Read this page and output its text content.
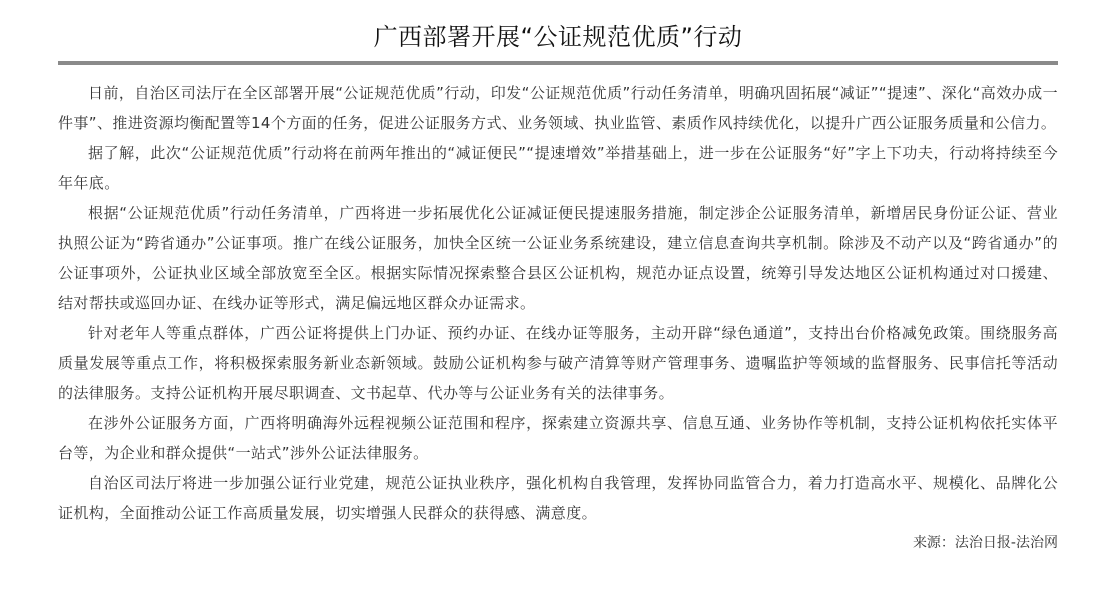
广西部署开展“公证规范优质”行动

日前，自治区司法厅在全区部署开展“公证规范优质”行动，印发“公证规范优质”行动任务清单，明确巩固拓展“减证”“提速”、深化“高效办成一件事”、推进资源均衡配置等14个方面的任务，促进公证服务方式、业务领域、执业监管、素质作风持续优化，以提升广西公证服务质量和公信力。

据了解，此次“公证规范优质”行动将在前两年推出的“减证便民”“提速增效”举措基础上，进一步在公证服务“好”字上下功夫，行动将持续至今年年底。

根据“公证规范优质”行动任务清单，广西将进一步拓展优化公证减证便民提速服务措施，制定涉企公证服务清单，新增居民身份证公证、营业执照公证为“跨省通办”公证事项。推广在线公证服务，加快全区统一公证业务系统建设，建立信息查询共享机制。除涉及不动产以及“跨省通办”的公证事项外，公证执业区域全部放宽至全区。根据实际情况探索整合县区公证机构，规范办证点设置，统筹引导发达地区公证机构通过对口援建、结对帮扶或巡回办证、在线办证等形式，满足偏远地区群众办证需求。

针对老年人等重点群体，广西公证将提供上门办证、预约办证、在线办证等服务，主动开辟“绿色通道”，支持出台价格减免政策。围绕服务高质量发展等重点工作，将积极探索服务新业态新领域。鼓励公证机构参与破产清算等财产管理事务、遗嘱监护等领域的监督服务、民事信托等活动的法律服务。支持公证机构开展尽职调查、文书起草、代办等与公证业务有关的法律事务。

在涉外公证服务方面，广西将明确海外远程视频公证范围和程序，探索建立资源共享、信息互通、业务协作等机制，支持公证机构依托实体平台等，为企业和群众提供“一站式”涉外公证法律服务。

自治区司法厅将进一步加强公证行业党建，规范公证执业秩序，强化机构自我管理，发挥协同监管合力，着力打造高水平、规模化、品牌化公证机构，全面推动公证工作高质量发展，切实增强人民群众的获得感、满意度。

来源：法治日报-法治网
